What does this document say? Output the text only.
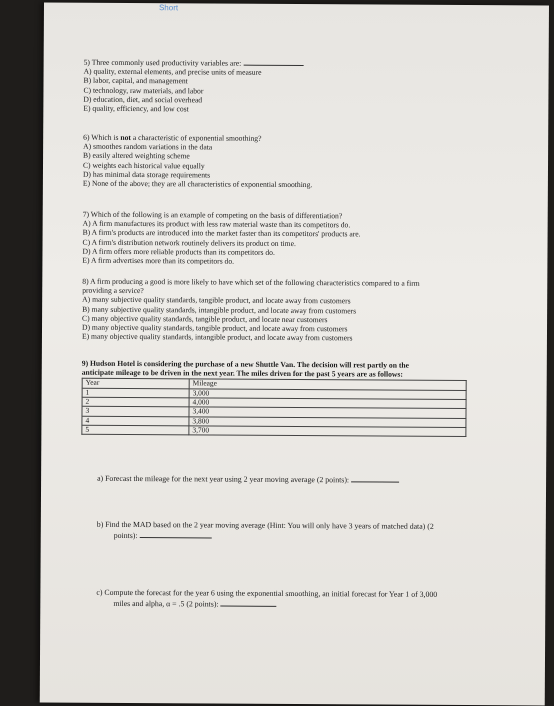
Short

5) Three commonly used productivity variables are:

A) quality, external elements, and precise units of measure

B) labor, capital, and management

C) technology, raw materials, and labor

D) education, diet, and social overhead

E) quality, efficiency, and low cost

6) Which is not a characteristic of exponential smoothing?

A) smoothes random variations in the data

B) easily altered weighting scheme

C) weights each historical value equally

D) has minimal data storage requirements

E) None of the above; they are all characteristics of exponential smoothing.

7) Which of the following is an example of competing on the basis of differentiation?

A) A firm manufactures its product with less raw material waste than its competitors do.

B) A firm's products are introduced into the market faster than its competitors' products are.

C) A firm's distribution network routinely delivers its product on time.

D) A firm offers more reliable products than its competitors do.

E) A firm advertises more than its competitors do.

8) A firm producing a good is more likely to have which set of the following characteristics compared to a firm

providing a service?

A) many subjective quality standards, tangible product, and locate away from customers

B) many subjective quality standards, intangible product, and locate away from customers

C) many objective quality standards, tangible product, and locate near customers

D) many objective quality standards, tangible product, and locate away from customers

E) many objective quality standards, intangible product, and locate away from customers

9) Hudson Hotel is considering the purchase of a new Shuttle Van. The decision will rest partly on the

anticipate mileage to be driven in the next year. The miles driven for the past 5 years are as follows:

Year	Mileage
1	3,000
2	4,000
3	3,400
4	3,800
5	3,700
a) Forecast the mileage for the next year using 2 year moving average (2 points):

b) Find the MAD based on the 2 year moving average (Hint: You will only have 3 years of matched data) (2

points):

c) Compute the forecast for the year 6 using the exponential smoothing, an initial forecast for Year 1 of 3,000

miles and alpha, α = .5 (2 points):
